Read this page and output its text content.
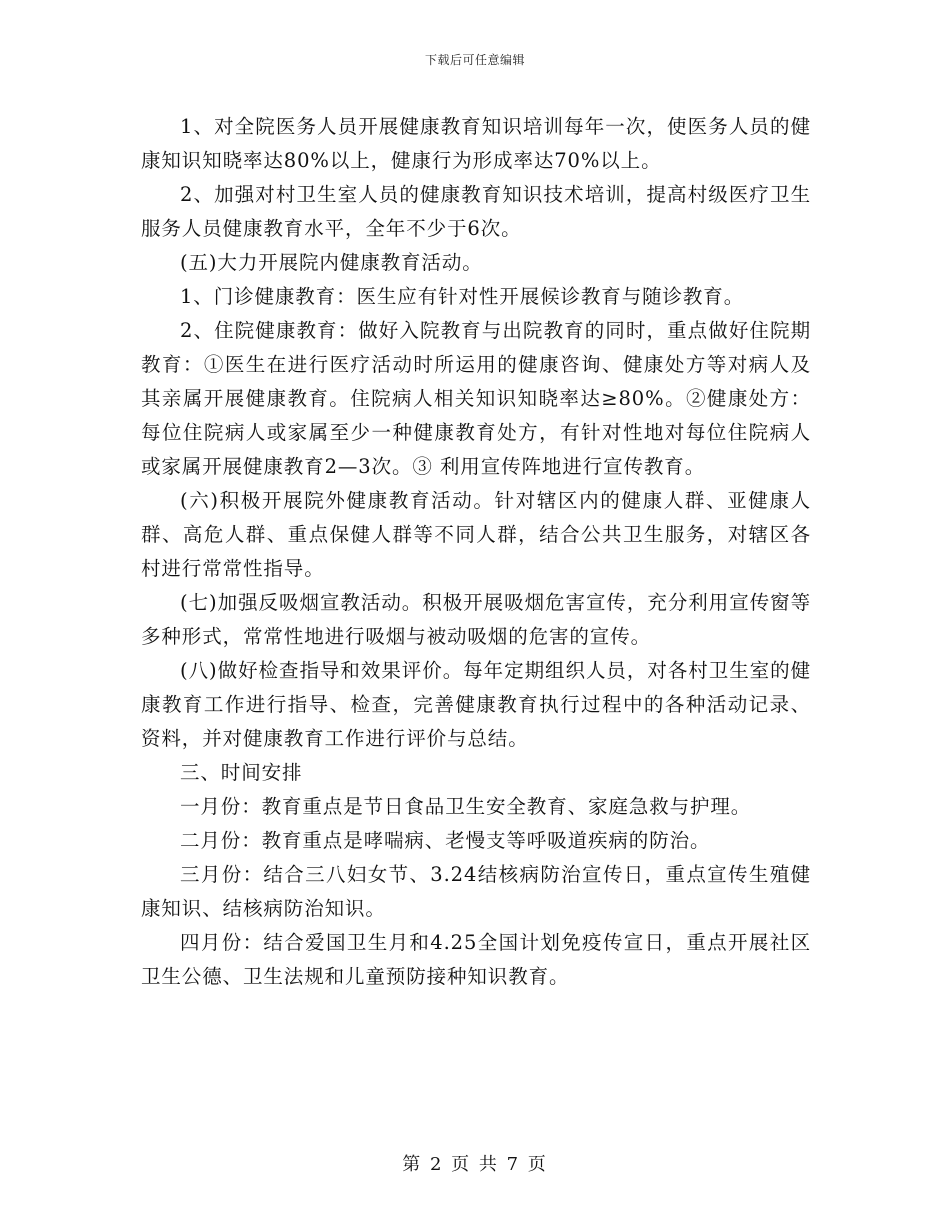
下载后可任意编辑

1、对全院医务人员开展健康教育知识培训每年一次，使医务人员的健康知识知晓率达80%以上，健康行为形成率达70%以上。

2、加强对村卫生室人员的健康教育知识技术培训，提高村级医疗卫生服务人员健康教育水平，全年不少于6次。

(五)大力开展院内健康教育活动。

1、门诊健康教育：医生应有针对性开展候诊教育与随诊教育。

2、住院健康教育：做好入院教育与出院教育的同时，重点做好住院期教育：①医生在进行医疗活动时所运用的健康咨询、健康处方等对病人及其亲属开展健康教育。住院病人相关知识知晓率达≥80%。②健康处方：每位住院病人或家属至少一种健康教育处方，有针对性地对每位住院病人或家属开展健康教育2—3次。③ 利用宣传阵地进行宣传教育。

(六)积极开展院外健康教育活动。针对辖区内的健康人群、亚健康人群、高危人群、重点保健人群等不同人群，结合公共卫生服务，对辖区各村进行常常性指导。

(七)加强反吸烟宣教活动。积极开展吸烟危害宣传，充分利用宣传窗等多种形式，常常性地进行吸烟与被动吸烟的危害的宣传。

(八)做好检查指导和效果评价。每年定期组织人员，对各村卫生室的健康教育工作进行指导、检查，完善健康教育执行过程中的各种活动记录、资料，并对健康教育工作进行评价与总结。

三、时间安排

一月份：教育重点是节日食品卫生安全教育、家庭急救与护理。

二月份：教育重点是哮喘病、老慢支等呼吸道疾病的防治。

三月份：结合三八妇女节、3.24结核病防治宣传日，重点宣传生殖健康知识、结核病防治知识。

四月份：结合爱国卫生月和4.25全国计划免疫传宣日，重点开展社区卫生公德、卫生法规和儿童预防接种知识教育。

第 2 页 共 7 页
